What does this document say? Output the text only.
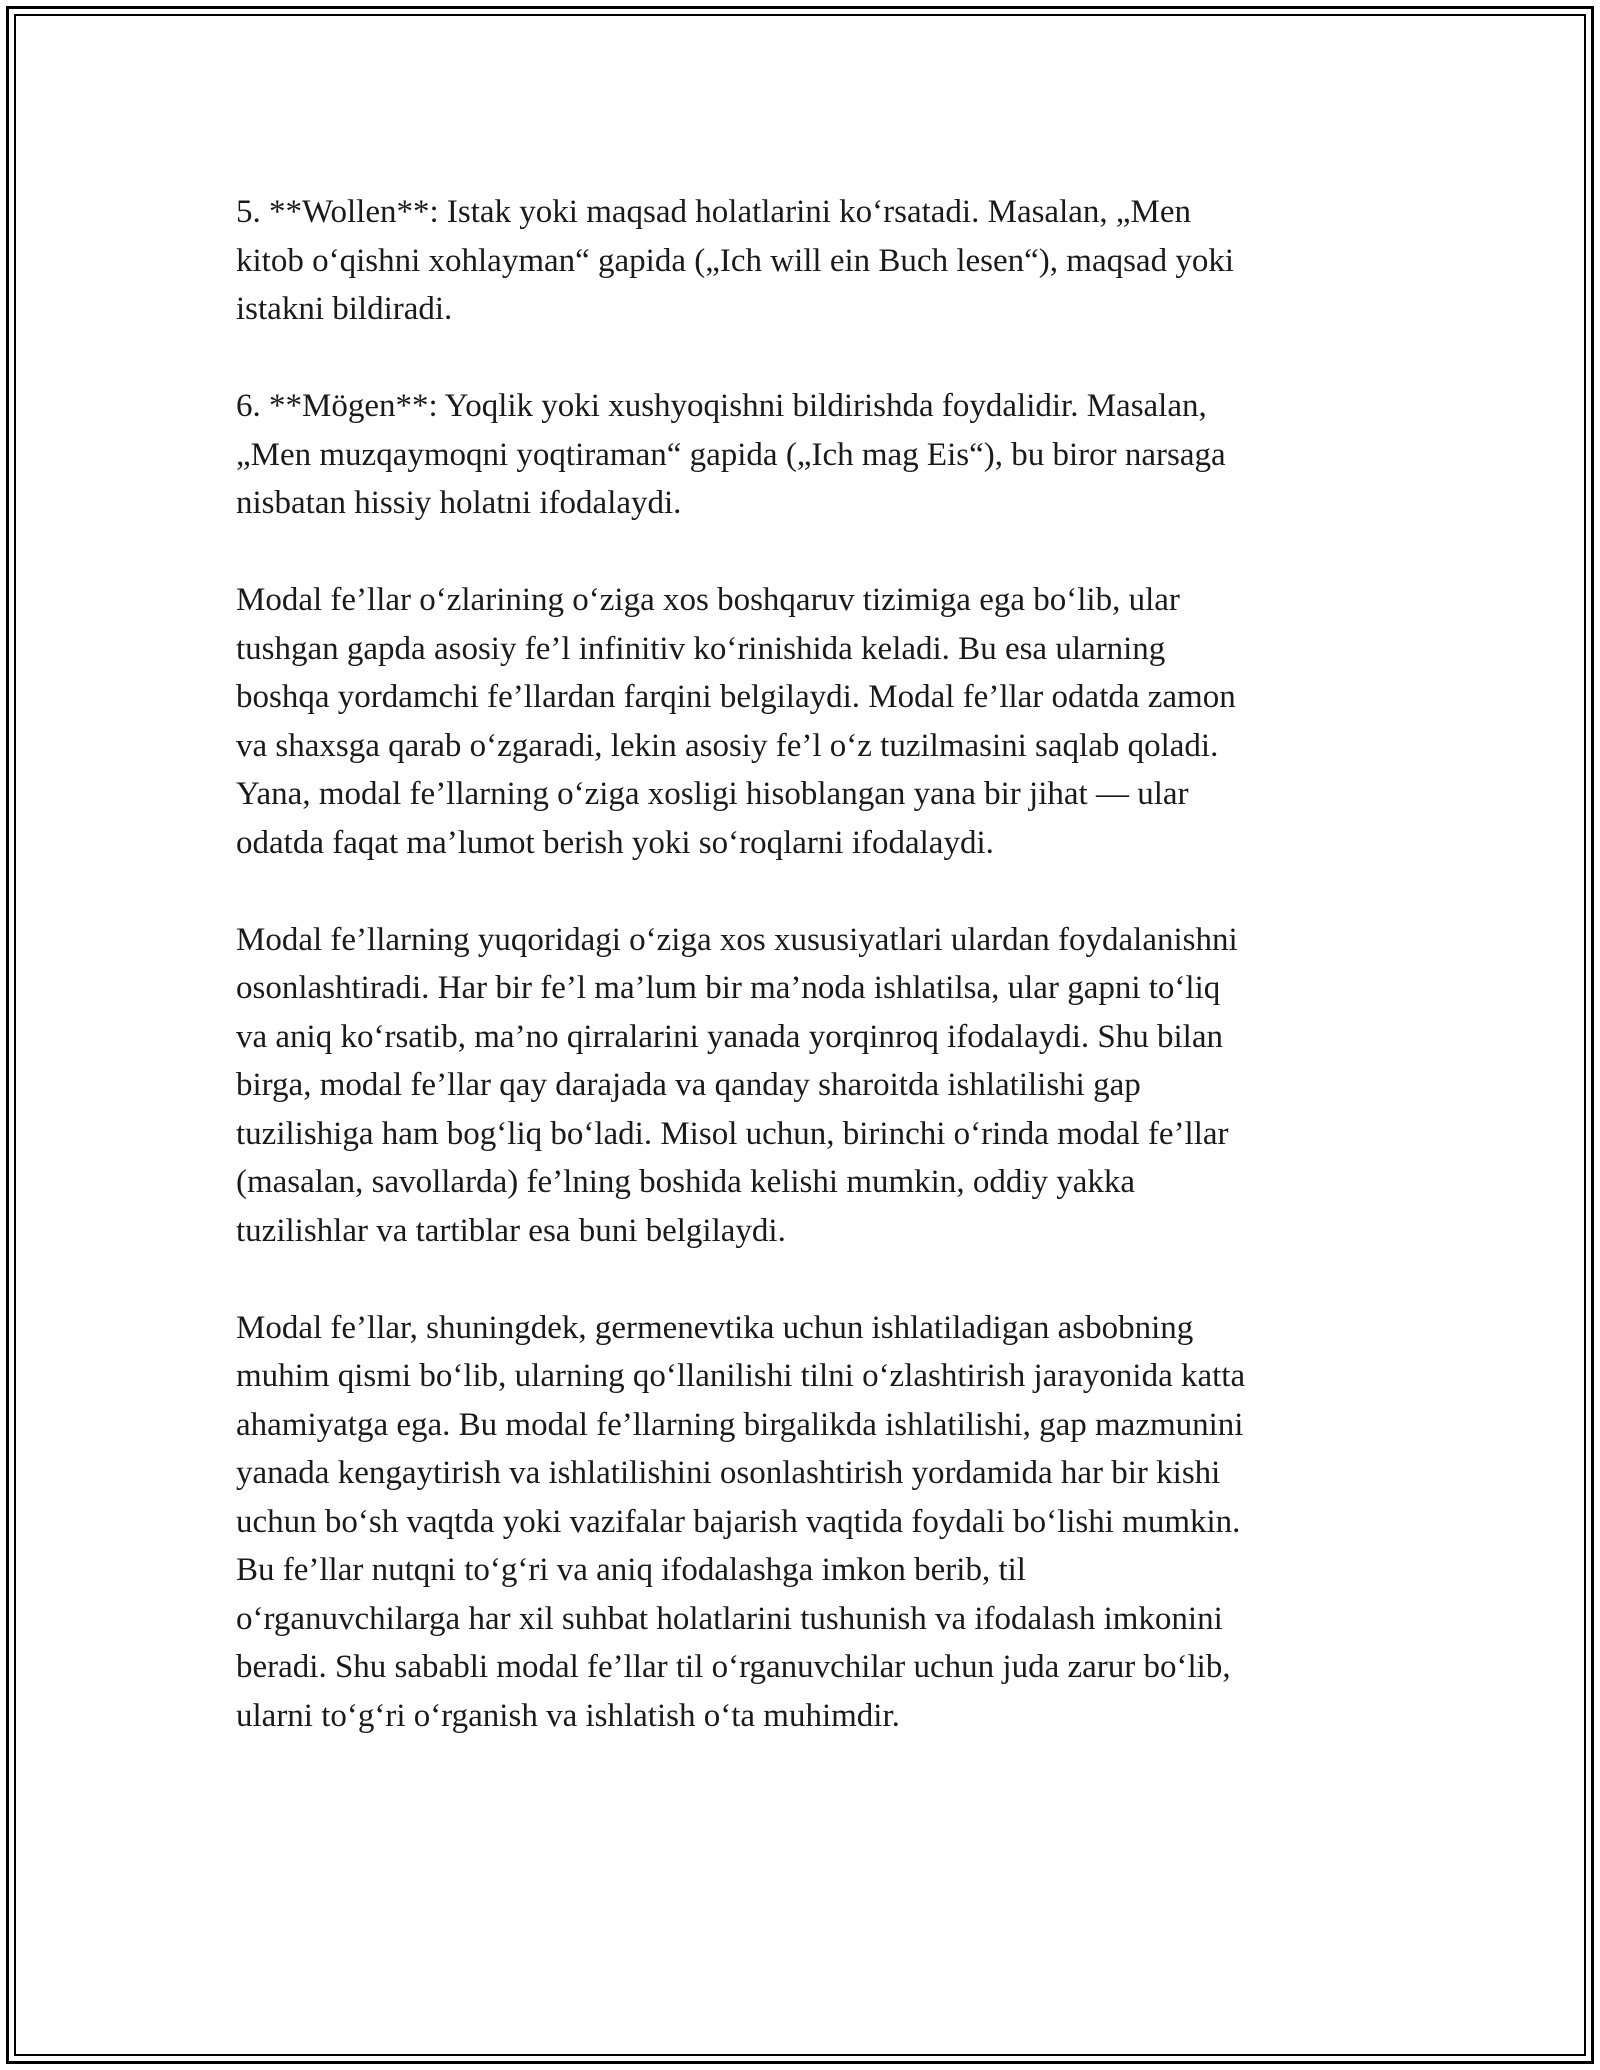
5. **Wollen**: Istak yoki maqsad holatlarini koʻrsatadi. Masalan, „Men
kitob oʻqishni xohlayman“ gapida („Ich will ein Buch lesen“), maqsad yoki
istakni bildiradi.

6. **Mögen**: Yoqlik yoki xushyoqishni bildirishda foydalidir. Masalan,
„Men muzqaymoqni yoqtiraman“ gapida („Ich mag Eis“), bu biror narsaga
nisbatan hissiy holatni ifodalaydi.

Modal fe’llar oʻzlarining oʻziga xos boshqaruv tizimiga ega boʻlib, ular
tushgan gapda asosiy fe’l infinitiv koʻrinishida keladi. Bu esa ularning
boshqa yordamchi fe’llardan farqini belgilaydi. Modal fe’llar odatda zamon
va shaxsga qarab oʻzgaradi, lekin asosiy fe’l oʻz tuzilmasini saqlab qoladi.
Yana, modal fe’llarning oʻziga xosligi hisoblangan yana bir jihat — ular
odatda faqat ma’lumot berish yoki soʻroqlarni ifodalaydi.

Modal fe’llarning yuqoridagi oʻziga xos xususiyatlari ulardan foydalanishni
osonlashtiradi. Har bir fe’l ma’lum bir ma’noda ishlatilsa, ular gapni toʻliq
va aniq koʻrsatib, ma’no qirralarini yanada yorqinroq ifodalaydi. Shu bilan
birga, modal fe’llar qay darajada va qanday sharoitda ishlatilishi gap
tuzilishiga ham bogʻliq boʻladi. Misol uchun, birinchi oʻrinda modal fe’llar
(masalan, savollarda) fe’lning boshida kelishi mumkin, oddiy yakka
tuzilishlar va tartiblar esa buni belgilaydi.

Modal fe’llar, shuningdek, germenevtika uchun ishlatiladigan asbobning
muhim qismi boʻlib, ularning qoʻllanilishi tilni oʻzlashtirish jarayonida katta
ahamiyatga ega. Bu modal fe’llarning birgalikda ishlatilishi, gap mazmunini
yanada kengaytirish va ishlatilishini osonlashtirish yordamida har bir kishi
uchun boʻsh vaqtda yoki vazifalar bajarish vaqtida foydali boʻlishi mumkin.
Bu fe’llar nutqni toʻgʻri va aniq ifodalashga imkon berib, til
oʻrganuvchilarga har xil suhbat holatlarini tushunish va ifodalash imkonini
beradi. Shu sababli modal fe’llar til oʻrganuvchilar uchun juda zarur boʻlib,
ularni toʻgʻri oʻrganish va ishlatish oʻta muhimdir.
